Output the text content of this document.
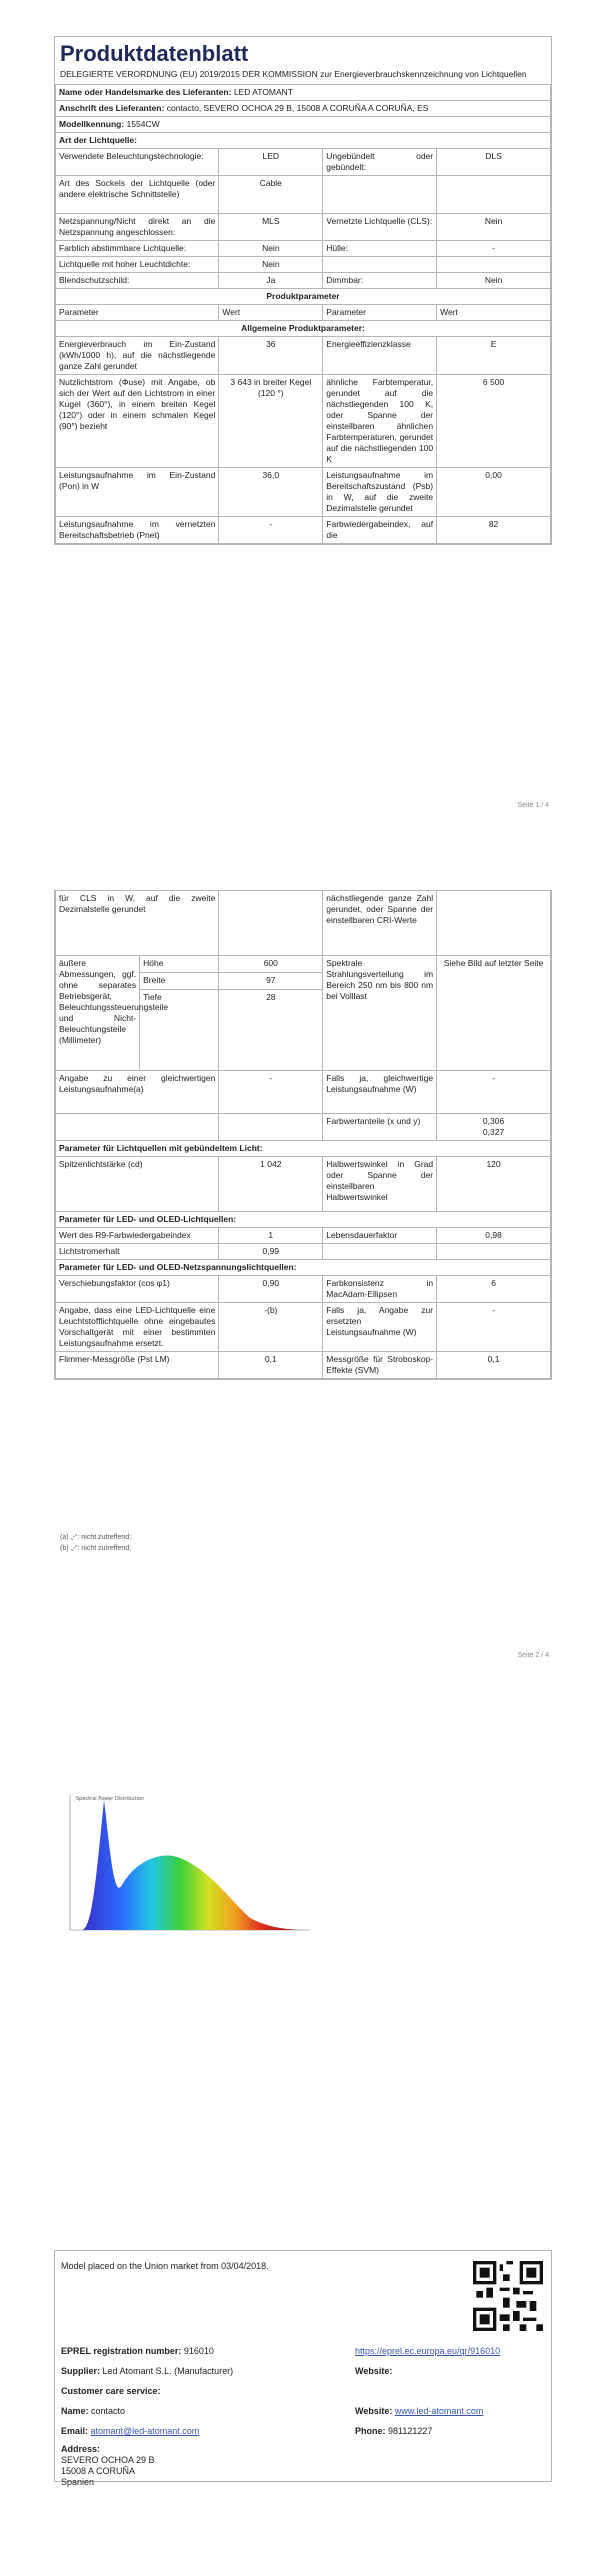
Produktdatenblatt
DELEGIERTE VERORDNUNG (EU) 2019/2015 DER KOMMISSION zur Energieverbrauchskennzeichnung von Lichtquellen
Name oder Handelsmarke des Lieferanten: LED ATOMANT			
Anschrift des Lieferanten: contacto, SEVERO OCHOA 29 B, 15008 A CORUÑA A CORUÑA, ES			
Modellkennung: 1554CW			
Art der Lichtquelle:			
Verwendete Beleuchtungstechnologie:	LED	Ungebündelt oder gebündelt:	DLS
Art des Sockels der Lichtquelle (oder andere elektrische Schnittstelle)	Cable		
Netzspannung/Nicht direkt an die Netzspannung angeschlossen:	MLS	Vernetzte Lichtquelle (CLS):	Nein
Farblich abstimmbare Lichtquelle:	Nein	Hülle:	-
Lichtquelle mit hoher Leuchtdichte:	Nein		
Blendschutzschild:	Ja	Dimmbar:	Nein
Produktparameter			
Parameter	Wert	Parameter	Wert
Allgemeine Produktparameter:			
Energieverbrauch im Ein-Zustand (kWh/1000 h), auf die nächstliegende ganze Zahl gerundet	36	Energieeffizienzklasse	E
Nutzlichtstrom (Φuse) mit Angabe, ob sich der Wert auf den Lichtstrom in einer Kugel (360°), in einem breiten Kegel (120°) oder in einem schmalen Kegel (90°) bezieht	3 643 in breiter Kegel (120 °)	ähnliche Farbtemperatur, gerundet auf die nächstliegenden 100 K, oder Spanne der einstellbaren ähnlichen Farbtemperaturen, gerundet auf die nächstliegenden 100 K	6 500
Leistungsaufnahme im Ein-Zustand (Pon) in W	36,0	Leistungsaufnahme im Bereitschaftszustand (Psb) in W, auf die zweite Dezimalstelle gerundet	0,00
Leistungsaufnahme im vernetzten Bereitschaftsbetrieb (Pnet)	-	Farbwiedergabeindex, auf die	82
Seite 1 / 4
für CLS in W, auf die zweite Dezimalstelle gerundet			nächstliegende ganze Zahl gerundet, oder Spanne der einstellbaren CRI-Werte	
äußere Abmessungen, ggf. ohne separates Betriebsgerät, Beleuchtungssteuerungsteile und Nicht-Beleuchtungsteile (Millimeter)	Höhe	600	Spektrale Strahlungsverteilung im Bereich 250 nm bis 800 nm bei Volllast	Siehe Bild auf letzter Seite
	Breite	97		
	Tiefe	28		
Angabe zu einer gleichwertigen Leistungsaufnahme(a)		-	Falls ja, gleichwertige Leistungsaufnahme (W)	-
			Farbwertanteile (x und y)	0,306
0,327

Parameter für Lichtquellen mit gebündeltem Licht:				
Spitzenlichtstärke (cd)		1 042	Halbwertswinkel in Grad oder Spanne der einstellbaren Halbwertswinkel	120
Parameter für LED- und OLED-Lichtquellen:				
Wert des R9-Farbwiedergabeindex		1	Lebensdauerfaktor	0,98
Lichtstromerhalt		0,99		
Parameter für LED- und OLED-Netzspannungslichtquellen:				
Verschiebungsfaktor (cos φ1)		0,90	Farbkonsistenz in MacAdam-Ellipsen	6
Angabe, dass eine LED-Lichtquelle eine Leuchtstofflichtquelle ohne eingebautes Vorschaltgerät mit einer bestimmten Leistungsaufnahme ersetzt.		-(b)	Falls ja, Angabe zur ersetzten Leistungsaufnahme (W)	-
Flimmer-Messgröße (Pst LM)		0,1	Messgröße für Stroboskop-Effekte (SVM)	0,1
(a) „-“: nicht zutreffend;
(b) „-“: nicht zutreffend;
Seite 2 / 4
Spectral Power Distribution
Model placed on the Union market from 03/04/2018.
EPREL registration number: 916010	https://eprel.ec.europa.eu/qr/916010
Supplier: Led Atomant S.L. (Manufacturer)	Website:
Customer care service:
Name: contacto	Website: www.led-atomant.com
Email: atomant@led-atomant.com	Phone: 981121227
Address:
SEVERO OCHOA 29 B
15008 A CORUÑA
Spanien
